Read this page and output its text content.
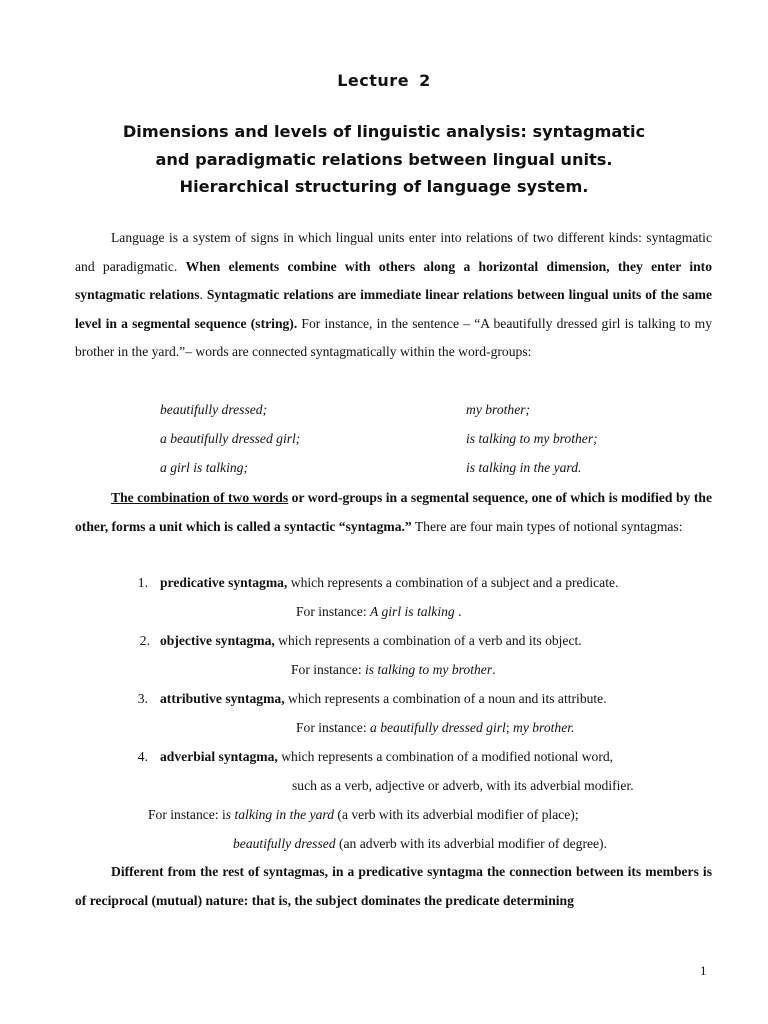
Lecture 2
Dimensions and levels of linguistic analysis: syntagmatic
and paradigmatic relations between lingual units.
Hierarchical structuring of language system.
Language is a system of signs in which lingual units enter into relations of two different kinds: syntagmatic and paradigmatic. When elements combine with others along a horizontal dimension, they enter into syntagmatic relations. Syntagmatic relations are immediate linear relations between lingual units of the same level in a segmental sequence (string). For instance, in the sentence – “A beautifully dressed girl is talking to my brother in the yard.”– words are connected syntagmatically within the word-groups:
beautifully dressed;
a beautifully dressed girl;
a girl is talking;
my brother;
is talking to my brother;
is talking in the yard.
The combination of two words or word-groups in a segmental sequence, one of which is modified by the other, forms a unit which is called a syntactic “syntagma.” There are four main types of notional syntagmas:
1. predicative syntagma, which represents a combination of a subject and a predicate.
For instance: A girl is talking .
2. objective syntagma, which represents a combination of a verb and its object.
For instance: is talking to my brother.
3. attributive syntagma, which represents a combination of a noun and its attribute.
For instance: a beautifully dressed girl; my brother.
4. adverbial syntagma, which represents a combination of a modified notional word,
such as a verb, adjective or adverb, with its adverbial modifier.
For instance: is talking in the yard (a verb with its adverbial modifier of place);
beautifully dressed (an adverb with its adverbial modifier of degree).
Different from the rest of syntagmas, in a predicative syntagma the connection between its members is of reciprocal (mutual) nature: that is, the subject dominates the predicate determining
1
